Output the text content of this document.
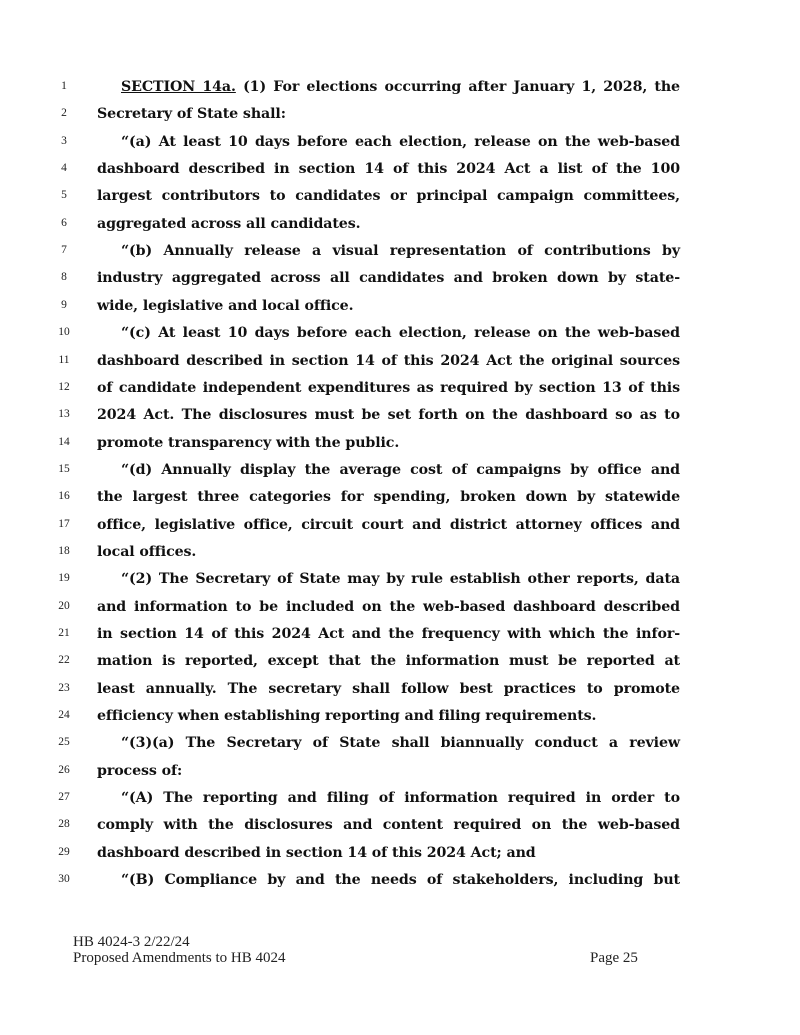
1	SECTION 14a. (1) For elections occurring after January 1, 2028, the
2	Secretary of State shall:
3	“(a) At least 10 days before each election, release on the web-based
4	dashboard described in section 14 of this 2024 Act a list of the 100
5	largest contributors to candidates or principal campaign committees,
6	aggregated across all candidates.
7	“(b) Annually release a visual representation of contributions by
8	industry aggregated across all candidates and broken down by state-
9	wide, legislative and local office.
10	“(c) At least 10 days before each election, release on the web-based
11	dashboard described in section 14 of this 2024 Act the original sources
12	of candidate independent expenditures as required by section 13 of this
13	2024 Act. The disclosures must be set forth on the dashboard so as to
14	promote transparency with the public.
15	“(d) Annually display the average cost of campaigns by office and
16	the largest three categories for spending, broken down by statewide
17	office, legislative office, circuit court and district attorney offices and
18	local offices.
19	“(2) The Secretary of State may by rule establish other reports, data
20	and information to be included on the web-based dashboard described
21	in section 14 of this 2024 Act and the frequency with which the infor-
22	mation is reported, except that the information must be reported at
23	least annually. The secretary shall follow best practices to promote
24	efficiency when establishing reporting and filing requirements.
25	“(3)(a) The Secretary of State shall biannually conduct a review
26	process of:
27	“(A) The reporting and filing of information required in order to
28	comply with the disclosures and content required on the web-based
29	dashboard described in section 14 of this 2024 Act; and
30	“(B) Compliance by and the needs of stakeholders, including but
HB 4024-3 2/22/24
Proposed Amendments to HB 4024	Page 25
